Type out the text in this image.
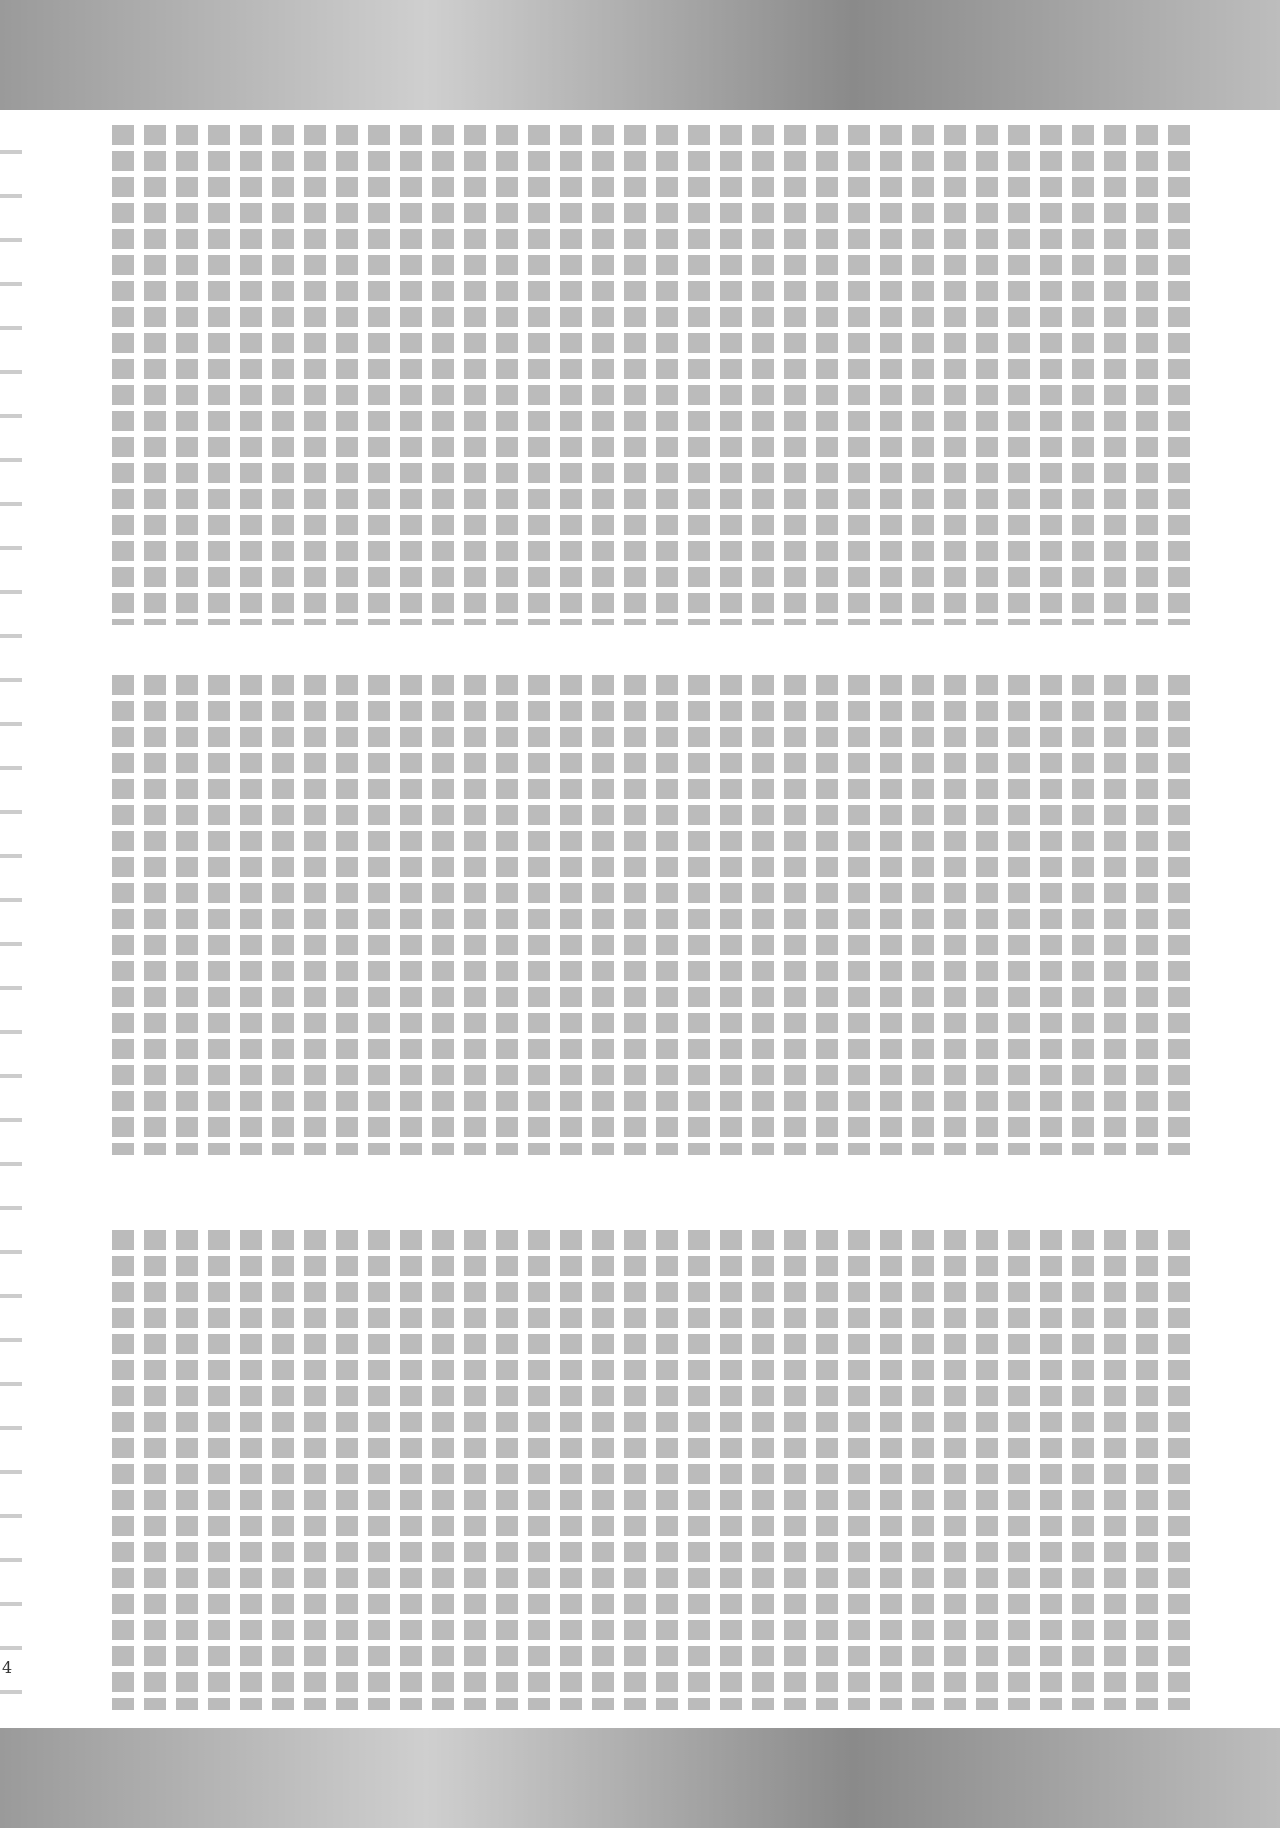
4
